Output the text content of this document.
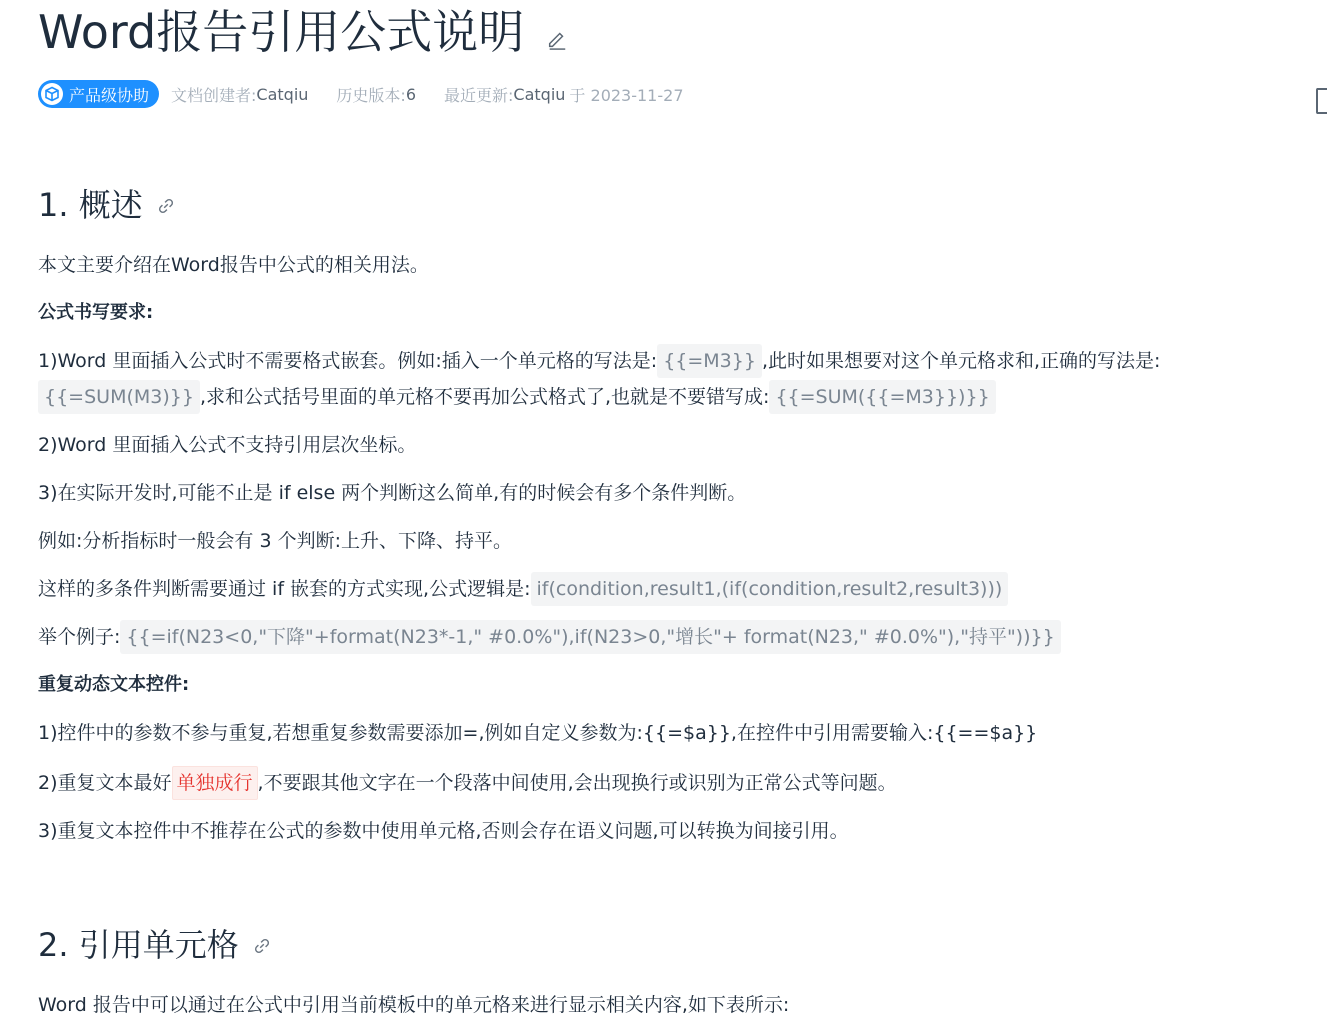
Word报告引用公式说明
产品级协助 文档创建者: Catqiu 历史版本: 6 最近更新: Catqiu 于 2023-11-27
1. 概述
本文主要介绍在Word报告中公式的相关用法。
公式书写要求:
1)Word 里面插入公式时不需要格式嵌套。例如:插入一个单元格的写法是: {{=M3}} ,此时如果想要对这个单元格求和,正确的写法是:
{{=SUM(M3)}} ,求和公式括号里面的单元格不要再加公式格式了,也就是不要错写成: {{=SUM({{=M3}})}}
2)Word 里面插入公式不支持引用层次坐标。
3)在实际开发时,可能不止是 if else 两个判断这么简单,有的时候会有多个条件判断。
例如:分析指标时一般会有 3 个判断:上升、下降、持平。
这样的多条件判断需要通过 if 嵌套的方式实现,公式逻辑是: if(condition,result1,(if(condition,result2,result3)))
举个例子: {{=if(N23<0,"下降"+format(N23*-1," #0.0%"),if(N23>0,"增长"+ format(N23," #0.0%"),"持平"))}}
重复动态文本控件:
1)控件中的参数不参与重复,若想重复参数需要添加=,例如自定义参数为:{{=$a}},在控件中引用需要输入:{{==$a}}
2)重复文本最好 单独成行 ,不要跟其他文字在一个段落中间使用,会出现换行或识别为正常公式等问题。
3)重复文本控件中不推荐在公式的参数中使用单元格,否则会存在语义问题,可以转换为间接引用。
2. 引用单元格
Word 报告中可以通过在公式中引用当前模板中的单元格来进行显示相关内容,如下表所示:
